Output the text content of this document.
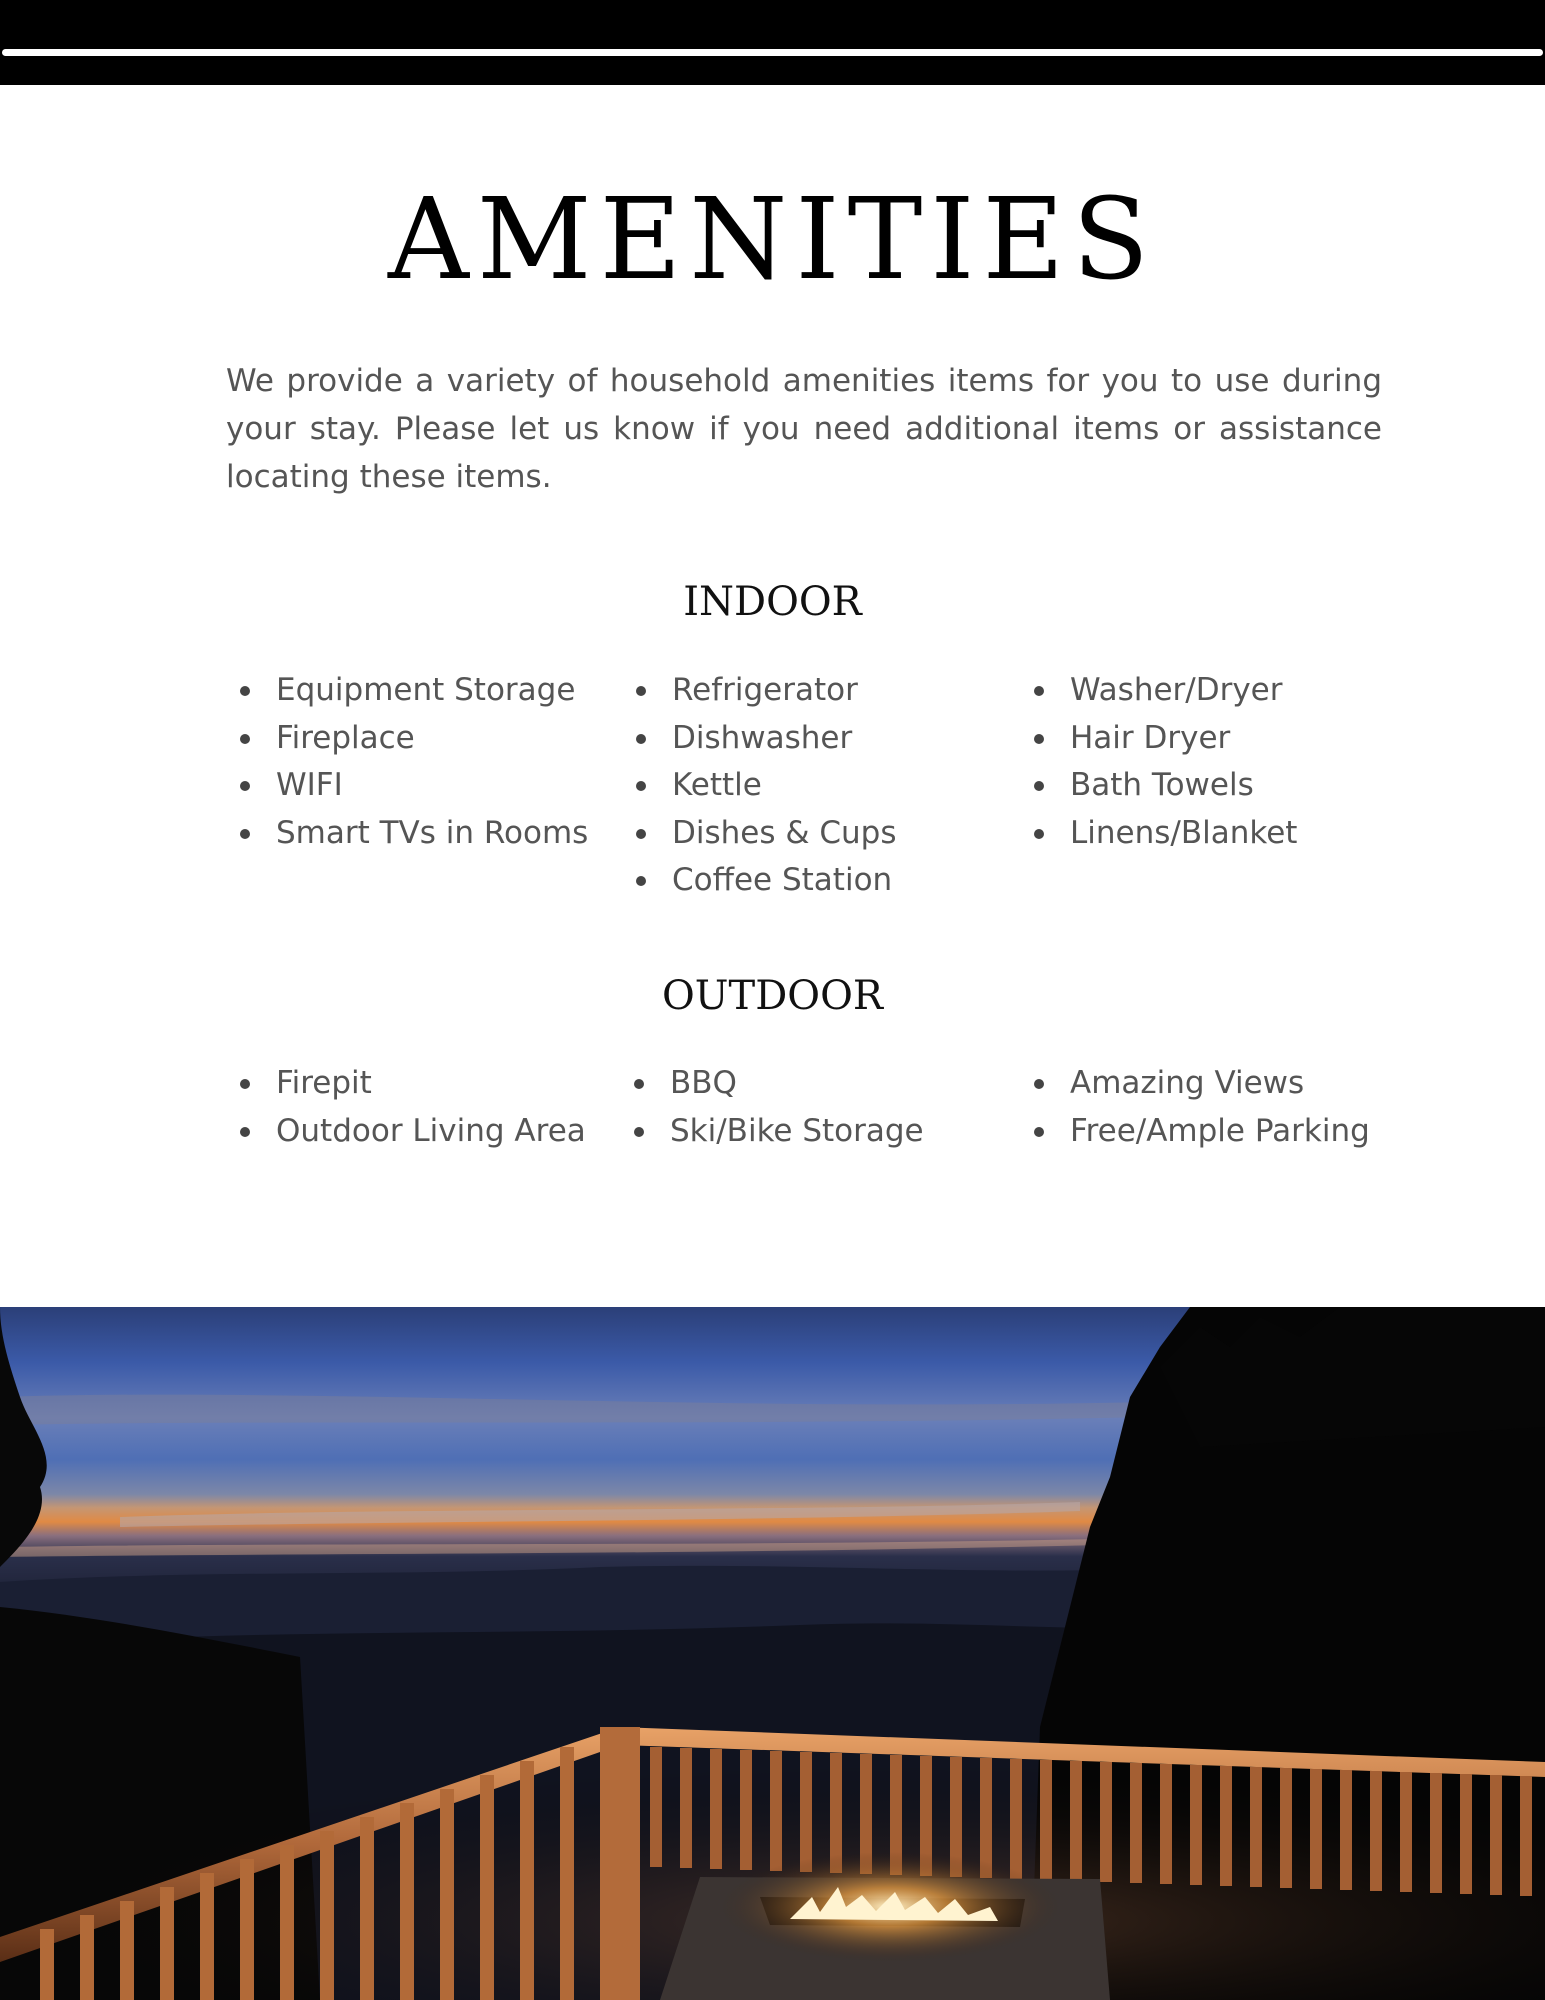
AMENITIES

We provide a variety of household amenities items for you to use during your stay. Please let us know if you need additional items or assistance locating these items.

INDOOR
Equipment Storage
Fireplace
WIFI
Smart TVs in Rooms
Refrigerator
Dishwasher
Kettle
Dishes & Cups
Coffee Station
Washer/Dryer
Hair Dryer
Bath Towels
Linens/Blanket
OUTDOOR
Firepit
Outdoor Living Area
BBQ
Ski/Bike Storage
Amazing Views
Free/Ample Parking
